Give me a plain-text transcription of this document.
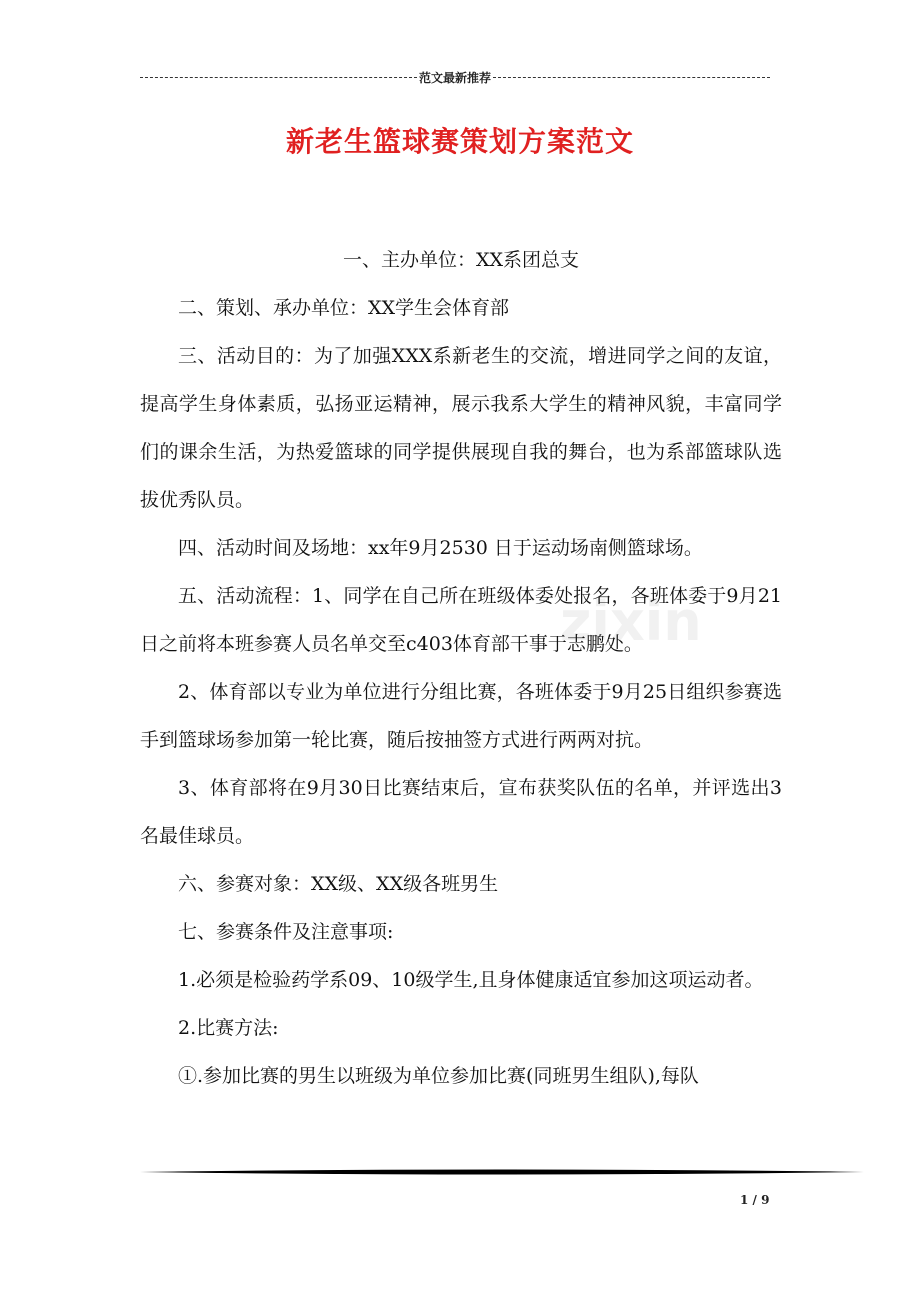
范文最新推荐
新老生篮球赛策划方案范文
zixin

一、主办单位：XX系团总支

二、策划、承办单位：XX学生会体育部

三、活动目的：为了加强XXX系新老生的交流，增进同学之间的友谊，提高学生身体素质，弘扬亚运精神，展示我系大学生的精神风貌，丰富同学们的课余生活，为热爱篮球的同学提供展现自我的舞台，也为系部篮球队选拔优秀队员。

四、活动时间及场地：xx年9月2530 日于运动场南侧篮球场。

五、活动流程：1、同学在自己所在班级体委处报名，各班体委于9月21日之前将本班参赛人员名单交至c403体育部干事于志鹏处。

2、体育部以专业为单位进行分组比赛，各班体委于9月25日组织参赛选手到篮球场参加第一轮比赛，随后按抽签方式进行两两对抗。

3、体育部将在9月30日比赛结束后，宣布获奖队伍的名单，并评选出3名最佳球员。

六、参赛对象：XX级、XX级各班男生

七、参赛条件及注意事项:

1.必须是检验药学系09、10级学生,且身体健康适宜参加这项运动者。

2.比赛方法:

①.参加比赛的男生以班级为单位参加比赛(同班男生组队),每队

1 / 9
